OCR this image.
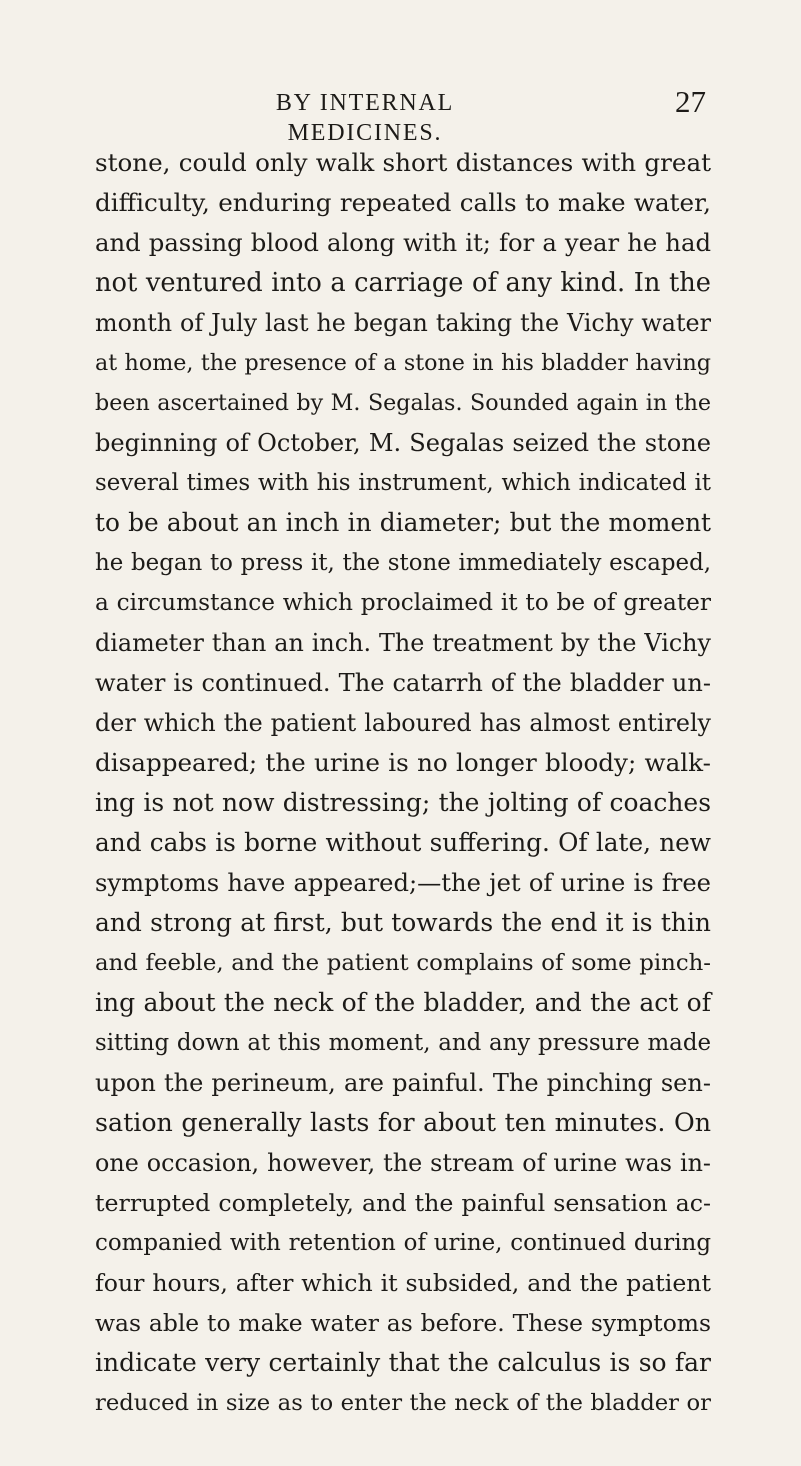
BY INTERNAL MEDICINES.
27
stone, could only walk short distances with great
difficulty, enduring repeated calls to make water,
and passing blood along with it; for a year he had
not ventured into a carriage of any kind. In the
month of July last he began taking the Vichy water
at home, the presence of a stone in his bladder having
been ascertained by M. Segalas. Sounded again in the
beginning of October, M. Segalas seized the stone
several times with his instrument, which indicated it
to be about an inch in diameter; but the moment
he began to press it, the stone immediately escaped,
a circumstance which proclaimed it to be of greater
diameter than an inch. The treatment by the Vichy
water is continued. The catarrh of the bladder un-
der which the patient laboured has almost entirely
disappeared; the urine is no longer bloody; walk-
ing is not now distressing; the jolting of coaches
and cabs is borne without suffering. Of late, new
symptoms have appeared;—the jet of urine is free
and strong at first, but towards the end it is thin
and feeble, and the patient complains of some pinch-
ing about the neck of the bladder, and the act of
sitting down at this moment, and any pressure made
upon the perineum, are painful. The pinching sen-
sation generally lasts for about ten minutes. On
one occasion, however, the stream of urine was in-
terrupted completely, and the painful sensation ac-
companied with retention of urine, continued during
four hours, after which it subsided, and the patient
was able to make water as before. These symptoms
indicate very certainly that the calculus is so far
reduced in size as to enter the neck of the bladder or
